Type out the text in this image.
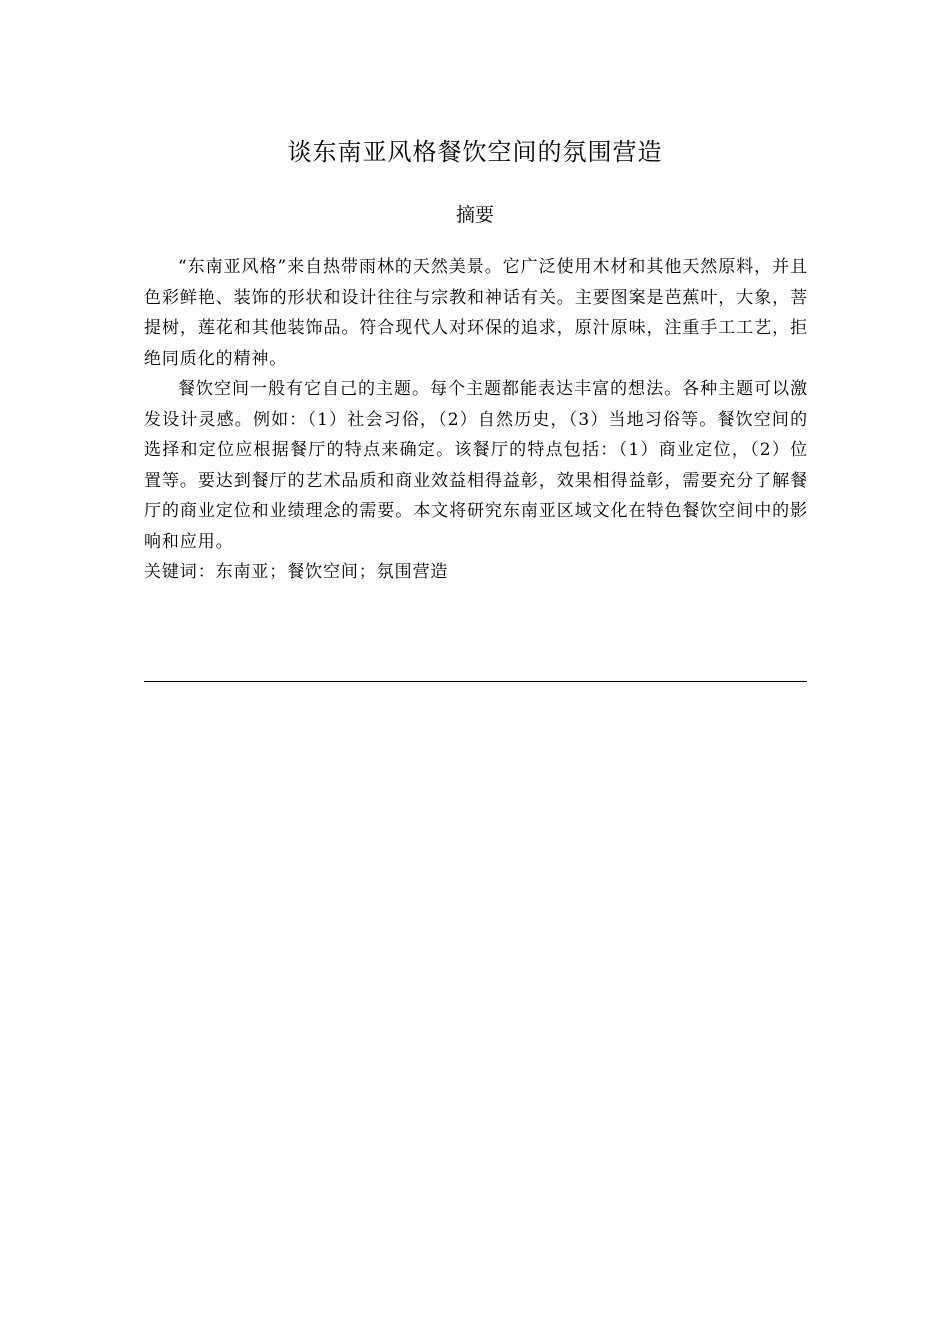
谈东南亚风格餐饮空间的氛围营造
摘要

“东南亚风格”来自热带雨林的天然美景。它广泛使用木材和其他天然原料，并且色彩鲜艳、装饰的形状和设计往往与宗教和神话有关。主要图案是芭蕉叶，大象，菩提树，莲花和其他装饰品。符合现代人对环保的追求，原汁原味，注重手工工艺，拒绝同质化的精神。

餐饮空间一般有它自己的主题。每个主题都能表达丰富的想法。各种主题可以激发设计灵感。例如：（1）社会习俗，（2）自然历史，（3）当地习俗等。餐饮空间的选择和定位应根据餐厅的特点来确定。该餐厅的特点包括：（1）商业定位，（2）位置等。要达到餐厅的艺术品质和商业效益相得益彰，效果相得益彰，需要充分了解餐厅的商业定位和业绩理念的需要。本文将研究东南亚区域文化在特色餐饮空间中的影响和应用。

关键词：东南亚；餐饮空间；氛围营造
